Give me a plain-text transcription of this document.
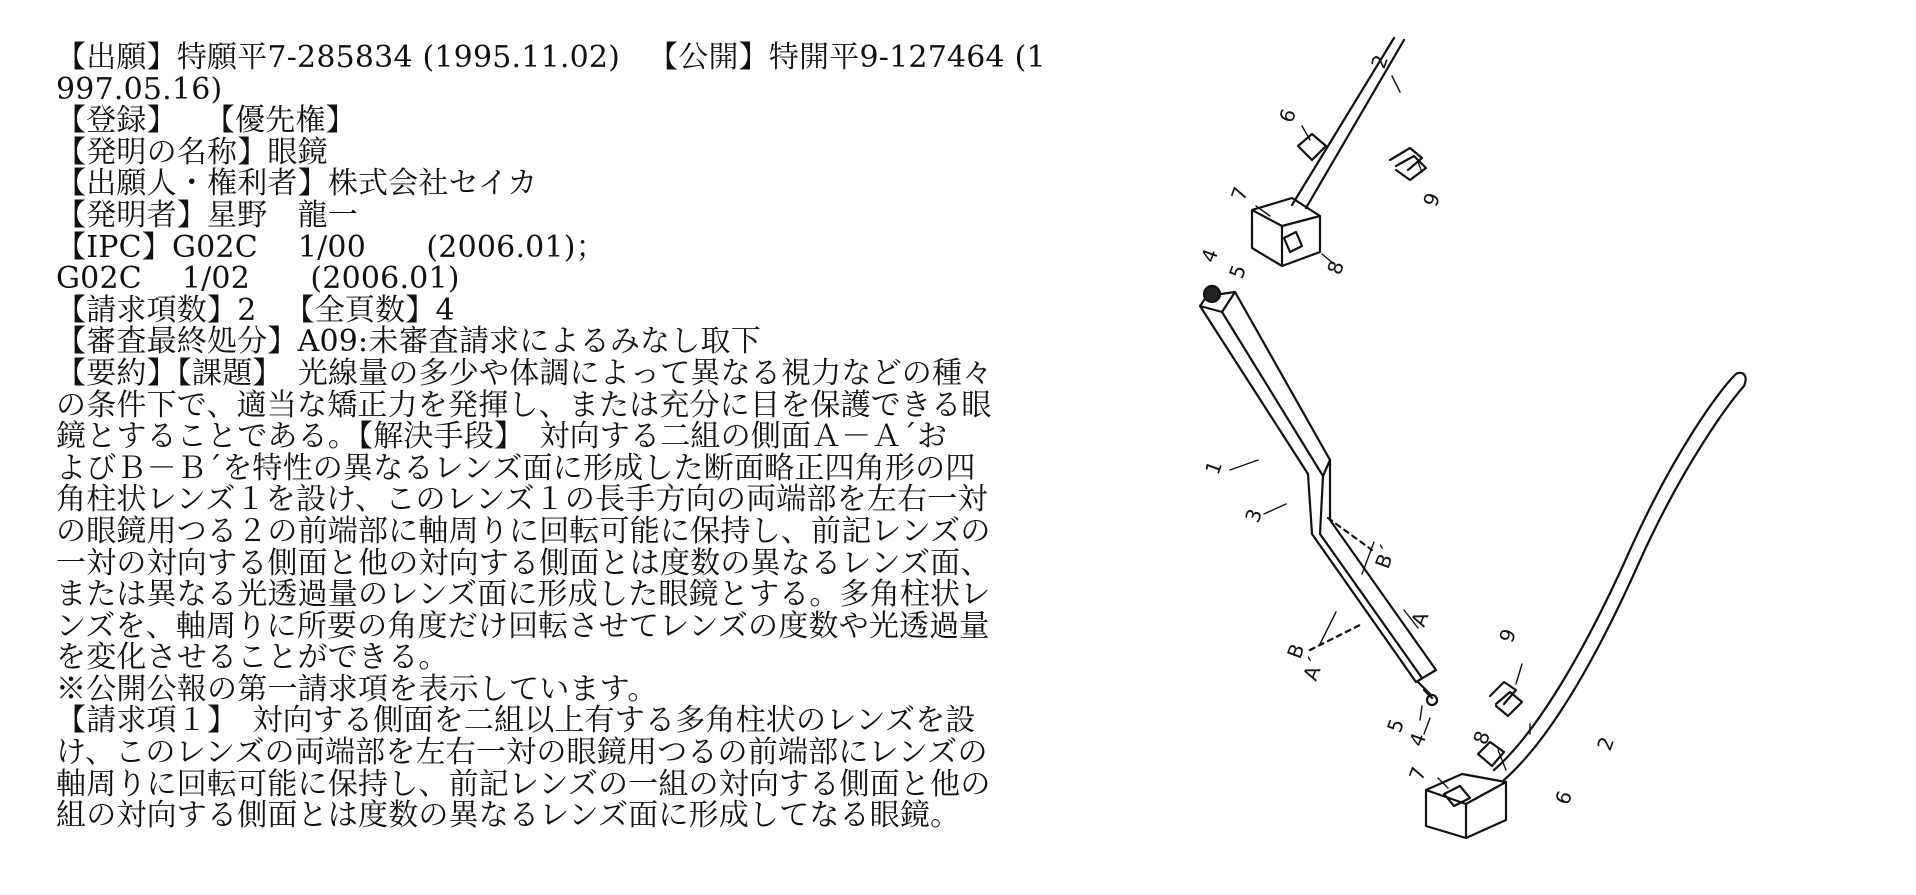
【出願】特願平7-285834 (1995.11.02) 【公開】特開平9-127464 (1
997.05.16)
【登録】 【優先権】
【発明の名称】眼鏡
【出願人・権利者】株式会社セイカ
【発明者】星野　龍一
【IPC】G02C　 1/00　　(2006.01)；
G02C　 1/02　　(2006.01)
【請求項数】2 【全頁数】4
【審査最終処分】A09:未審査請求によるみなし取下
【要約】【課題】　光線量の多少や体調によって異なる視力などの種々
の条件下で、適当な矯正力を発揮し、または充分に目を保護できる眼
鏡とすることである。【解決手段】　対向する二組の側面Ａ－Ａ´お
よびＢ－Ｂ´を特性の異なるレンズ面に形成した断面略正四角形の四
角柱状レンズ１を設け、このレンズ１の長手方向の両端部を左右一対
の眼鏡用つる２の前端部に軸周りに回転可能に保持し、前記レンズの
一対の対向する側面と他の対向する側面とは度数の異なるレンズ面、
または異なる光透過量のレンズ面に形成した眼鏡とする。多角柱状レ
ンズを、軸周りに所要の角度だけ回転させてレンズの度数や光透過量
を変化させることができる。
※公開公報の第一請求項を表示しています。
【請求項１】　対向する側面を二組以上有する多角柱状のレンズを設
け、このレンズの両端部を左右一対の眼鏡用つるの前端部にレンズの
軸周りに回転可能に保持し、前記レンズの一組の対向する側面と他の
組の対向する側面とは度数の異なるレンズ面に形成してなる眼鏡。
1
2
2
3
4
4
5
5
6
6
7
7
8
8
9
9
A
A´
B
B´
